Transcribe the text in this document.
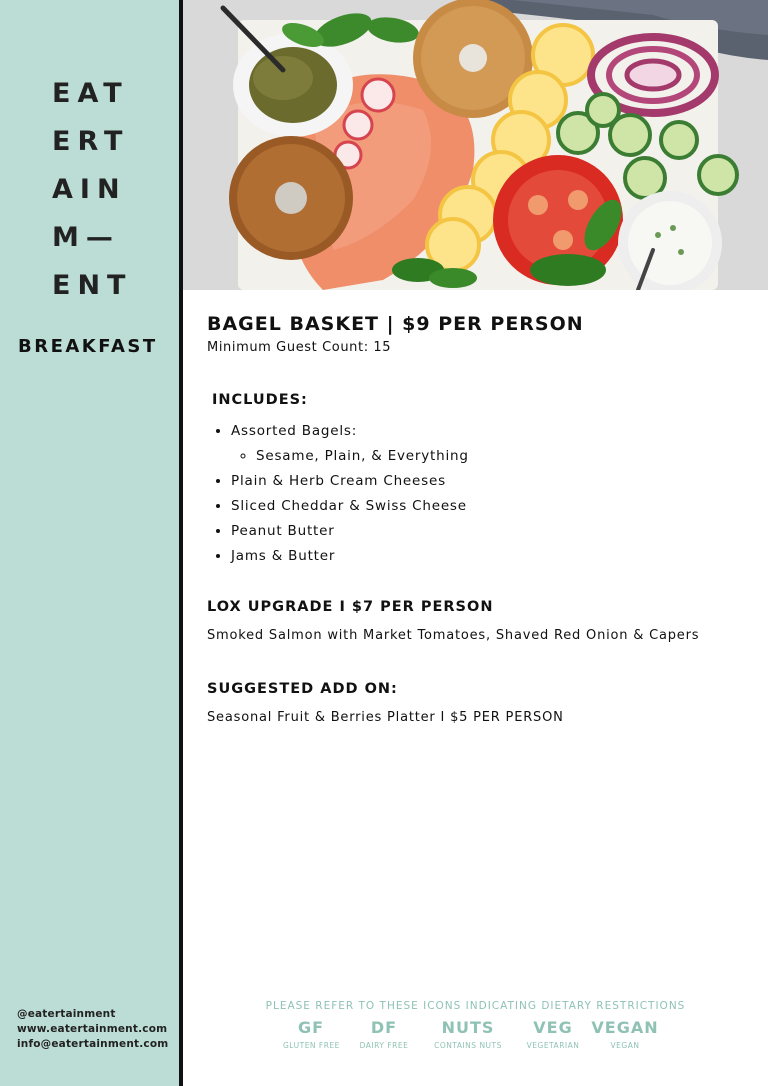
EAT
ERT
AIN
M—
ENT
BREAKFAST
@eatertainment
www.eatertainment.com
info@eatertainment.com
BAGEL BASKET | $9 PER PERSON
Minimum Guest Count: 15
INCLUDES:
• Assorted Bagels:
◦ Sesame, Plain, & Everything
• Plain & Herb Cream Cheeses
• Sliced Cheddar & Swiss Cheese
• Peanut Butter
• Jams & Butter
LOX UPGRADE I $7 PER PERSON
Smoked Salmon with Market Tomatoes, Shaved Red Onion & Capers
SUGGESTED ADD ON:
Seasonal Fruit & Berries Platter I $5 PER PERSON
PLEASE REFER TO THESE ICONS INDICATING DIETARY RESTRICTIONS
GF
GLUTEN FREE
DF
DAIRY FREE
NUTS
CONTAINS NUTS
VEG
VEGETARIAN
VEGAN
VEGAN
